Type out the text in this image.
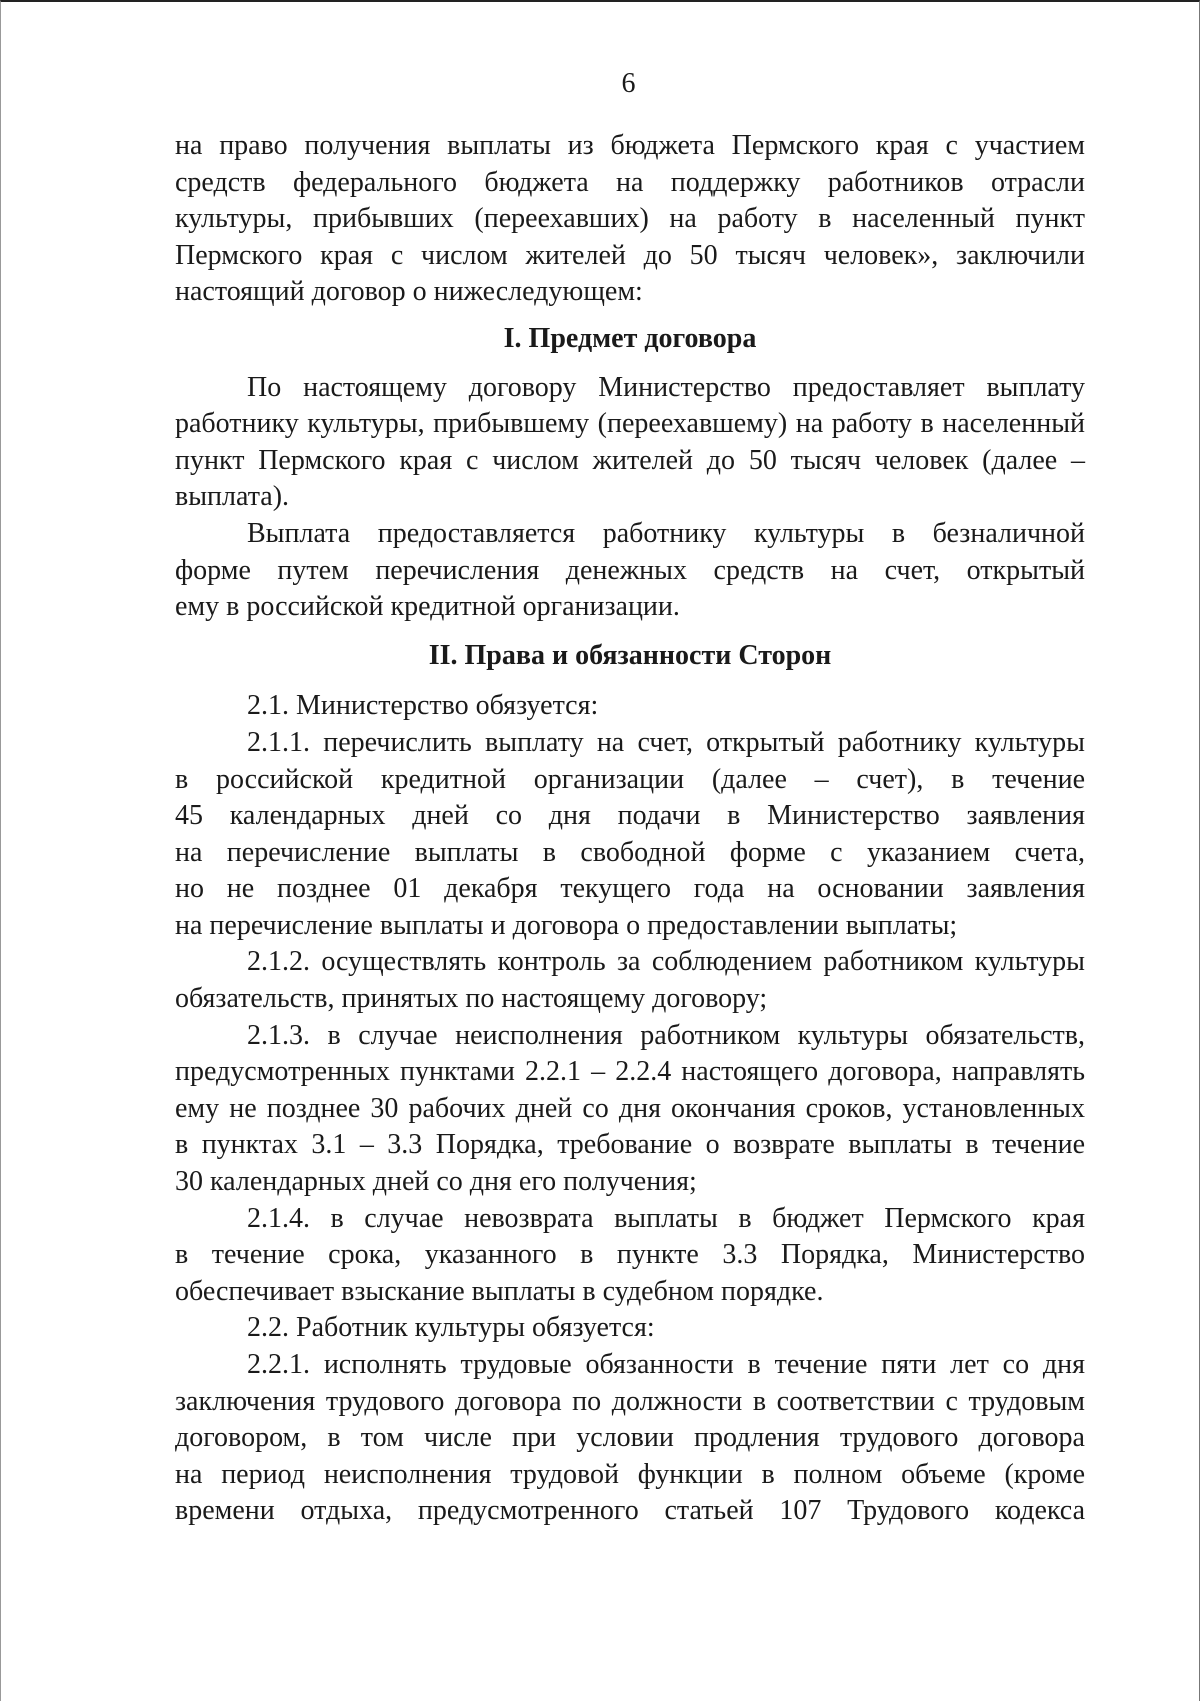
6

на право получения выплаты из бюджета Пермского края с участием

средств федерального бюджета на поддержку работников отрасли

культуры, прибывших (переехавших) на работу в населенный пункт

Пермского края с числом жителей до 50 тысяч человек», заключили

настоящий договор о нижеследующем:

I. Предмет договора

По настоящему договору Министерство предоставляет выплату

работнику культуры, прибывшему (переехавшему) на работу в населенный

пункт Пермского края с числом жителей до 50 тысяч человек (далее –

выплата).

Выплата предоставляется работнику культуры в безналичной

форме путем перечисления денежных средств на счет, открытый

ему в российской кредитной организации.

II. Права и обязанности Сторон

2.1. Министерство обязуется:

2.1.1. перечислить выплату на счет, открытый работнику культуры

в российской кредитной организации (далее – счет), в течение

45 календарных дней со дня подачи в Министерство заявления

на перечисление выплаты в свободной форме с указанием счета,

но не позднее 01 декабря текущего года на основании заявления

на перечисление выплаты и договора о предоставлении выплаты;

2.1.2. осуществлять контроль за соблюдением работником культуры

обязательств, принятых по настоящему договору;

2.1.3. в случае неисполнения работником культуры обязательств,

предусмотренных пунктами 2.2.1 – 2.2.4 настоящего договора, направлять

ему не позднее 30 рабочих дней со дня окончания сроков, установленных

в пунктах 3.1 – 3.3 Порядка, требование о возврате выплаты в течение

30 календарных дней со дня его получения;

2.1.4. в случае невозврата выплаты в бюджет Пермского края

в течение срока, указанного в пункте 3.3 Порядка, Министерство

обеспечивает взыскание выплаты в судебном порядке.

2.2. Работник культуры обязуется:

2.2.1. исполнять трудовые обязанности в течение пяти лет со дня

заключения трудового договора по должности в соответствии с трудовым

договором, в том числе при условии продления трудового договора

на период неисполнения трудовой функции в полном объеме (кроме

времени отдыха, предусмотренного статьей 107 Трудового кодекса
